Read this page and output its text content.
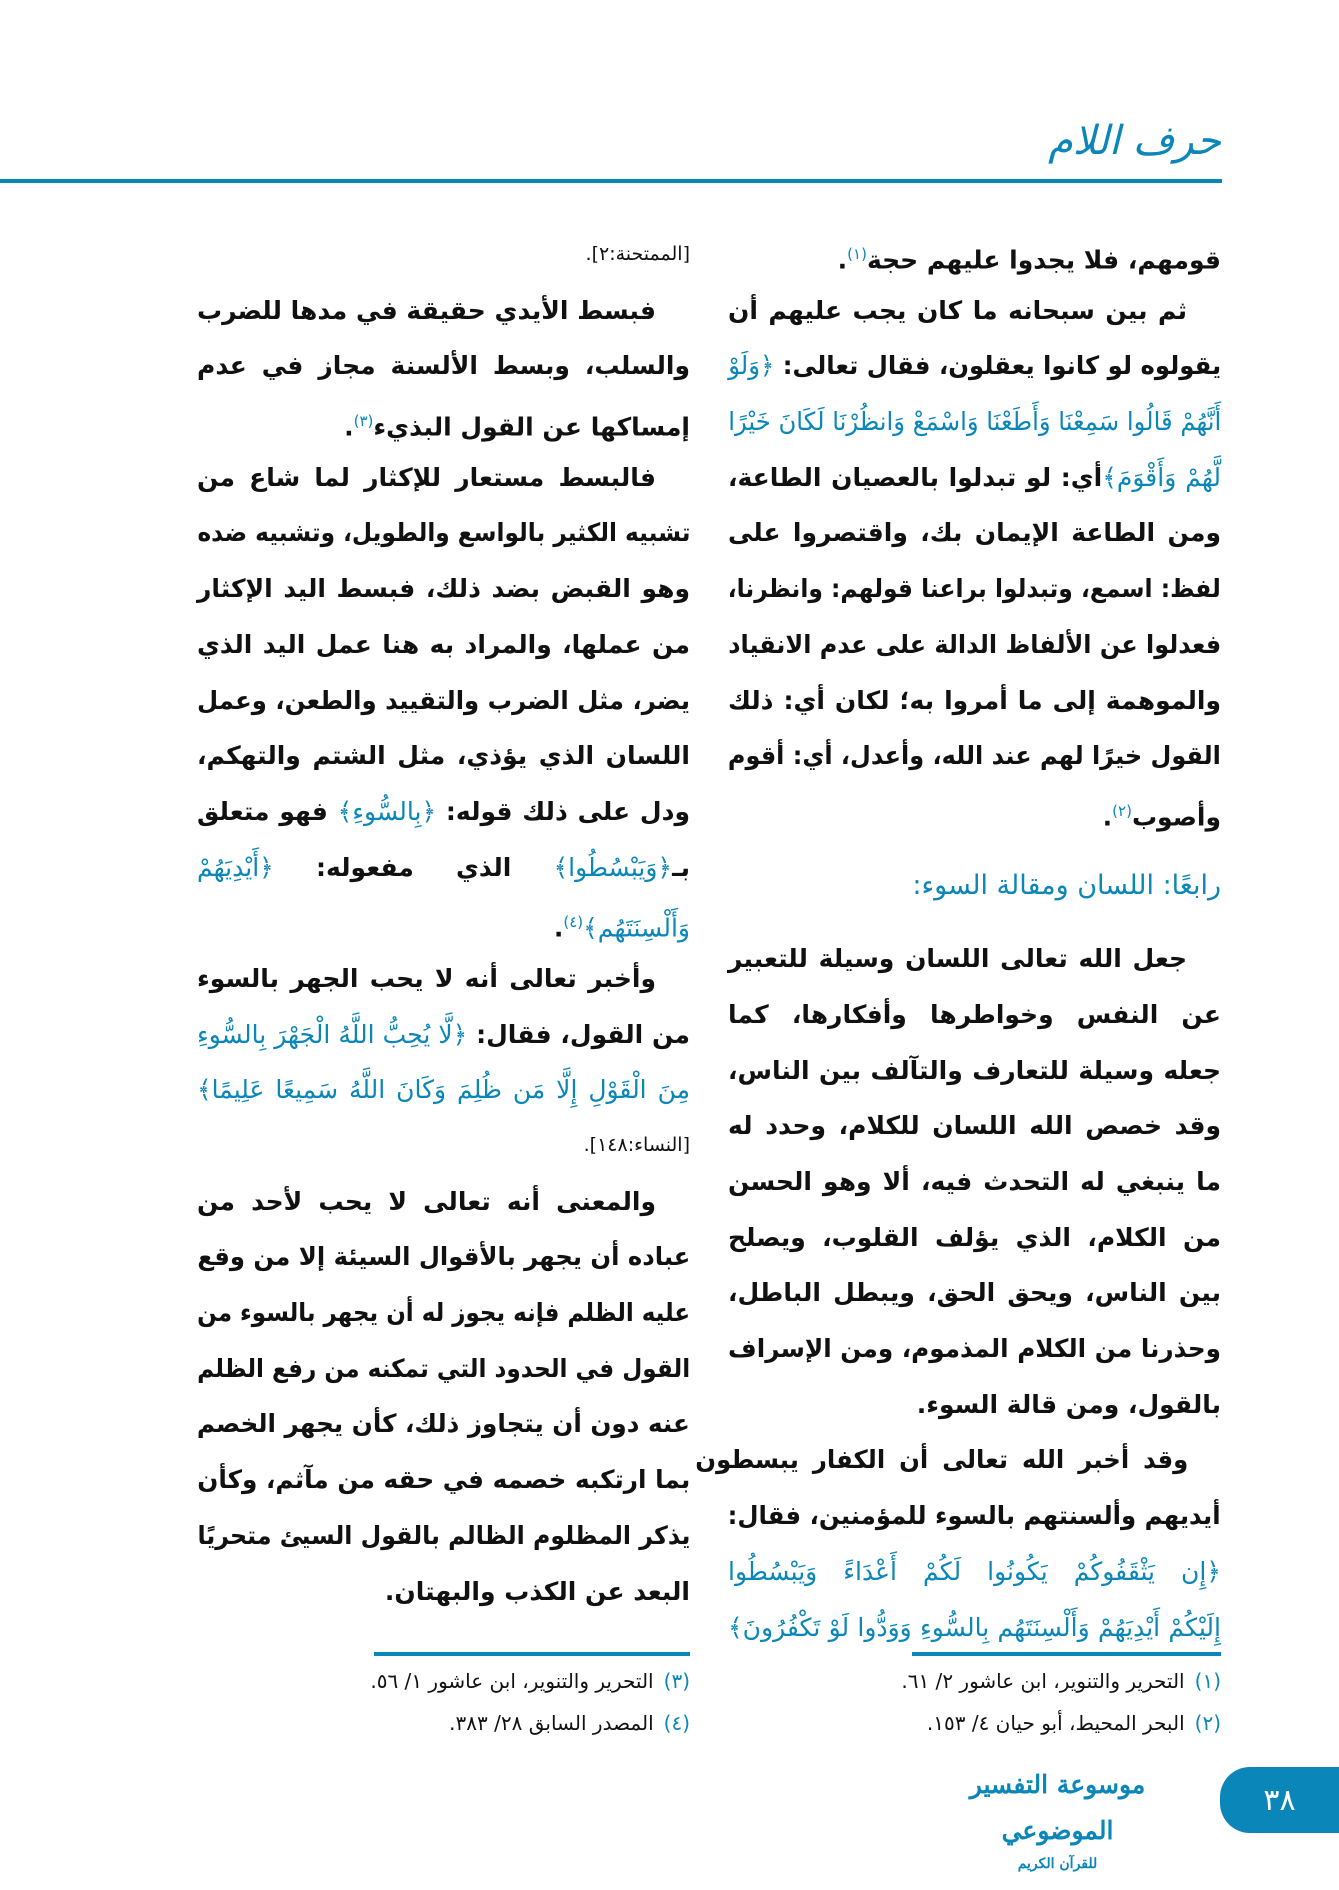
حرف اللام
قومهم، فلا يجدوا عليهم حجة$^{(١)}$.
ثم بين سبحانه ما كان يجب عليهم أن
يقولوه لو كانوا يعقلون، فقال تعالى: ﴿وَلَوْ
أَنَّهُمْ قَالُوا سَمِعْنَا وَأَطَعْنَا وَاسْمَعْ وَانظُرْنَا لَكَانَ خَيْرًا
لَّهُمْ وَأَقْوَمَ﴾أي: لو تبدلوا بالعصيان الطاعة،
ومن الطاعة الإيمان بك، واقتصروا على
لفظ: اسمع، وتبدلوا براعنا قولهم: وانظرنا،
فعدلوا عن الألفاظ الدالة على عدم الانقياد
والموهمة إلى ما أمروا به؛ لكان أي: ذلك
القول خيرًا لهم عند الله، وأعدل، أي: أقوم
وأصوب$^{(٢)}$.
رابعًا: اللسان ومقالة السوء:
جعل الله تعالى اللسان وسيلة للتعبير
عن النفس وخواطرها وأفكارها، كما
جعله وسيلة للتعارف والتآلف بين الناس،
وقد خصص الله اللسان للكلام، وحدد له
ما ينبغي له التحدث فيه، ألا وهو الحسن
من الكلام، الذي يؤلف القلوب، ويصلح
بين الناس، ويحق الحق، ويبطل الباطل،
وحذرنا من الكلام المذموم، ومن الإسراف
بالقول، ومن قالة السوء.
وقد أخبر الله تعالى أن الكفار يبسطون
أيديهم وألسنتهم بالسوء للمؤمنين، فقال:
﴿إِن يَثْقَفُوكُمْ يَكُونُوا لَكُمْ أَعْدَاءً وَيَبْسُطُوا
إِلَيْكُمْ أَيْدِيَهُمْ وَأَلْسِنَتَهُم بِالسُّوءِ وَوَدُّوا لَوْ تَكْفُرُونَ﴾
[الممتحنة:٢].
فبسط الأيدي حقيقة في مدها للضرب
والسلب، وبسط الألسنة مجاز في عدم
إمساكها عن القول البذيء$^{(٣)}$.
فالبسط مستعار للإكثار لما شاع من
تشبيه الكثير بالواسع والطويل، وتشبيه ضده
وهو القبض بضد ذلك، فبسط اليد الإكثار
من عملها، والمراد به هنا عمل اليد الذي
يضر، مثل الضرب والتقييد والطعن، وعمل
اللسان الذي يؤذي، مثل الشتم والتهكم،
ودل على ذلك قوله: ﴿بِالسُّوءِ﴾ فهو متعلق
بـ﴿وَيَبْسُطُوا﴾ الذي مفعوله: ﴿أَيْدِيَهُمْ
وَأَلْسِنَتَهُم﴾$^{(٤)}$.
وأخبر تعالى أنه لا يحب الجهر بالسوء
من القول، فقال: ﴿لَّا يُحِبُّ اللَّهُ الْجَهْرَ بِالسُّوءِ
مِنَ الْقَوْلِ إِلَّا مَن ظُلِمَ وَكَانَ اللَّهُ سَمِيعًا عَلِيمًا﴾
[النساء:١٤٨].
والمعنى أنه تعالى لا يحب لأحد من
عباده أن يجهر بالأقوال السيئة إلا من وقع
عليه الظلم فإنه يجوز له أن يجهر بالسوء من
القول في الحدود التي تمكنه من رفع الظلم
عنه دون أن يتجاوز ذلك، كأن يجهر الخصم
بما ارتكبه خصمه في حقه من مآثم، وكأن
يذكر المظلوم الظالم بالقول السيئ متحريًا
البعد عن الكذب والبهتان.
(١)التحرير والتنوير، ابن عاشور ٢/ ٦١.
(٢)البحر المحيط، أبو حيان ٤/ ١٥٣.
(٣)التحرير والتنوير، ابن عاشور ١/ ٥٦.
(٤)المصدر السابق ٢٨/ ٣٨٣.
موسوعة التفسير الموضوعي
للقرآن الكريم
٣٨
